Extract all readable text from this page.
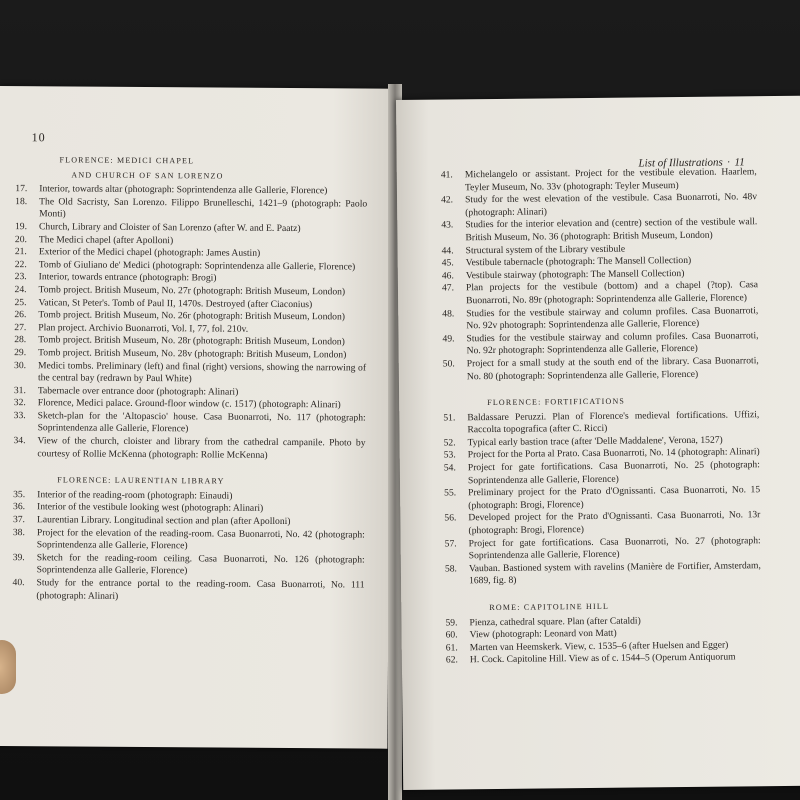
10
FLORENCE: MEDICI CHAPEL
AND CHURCH OF SAN LORENZO
17.	Interior, towards altar (photograph: Soprintendenza alle Gallerie, Florence)
18.	The Old Sacristy, San Lorenzo. Filippo Brunelleschi, 1421–9 (photograph: Paolo Monti)
19.	Church, Library and Cloister of San Lorenzo (after W. and E. Paatz)
20.	The Medici chapel (after Apolloni)
21.	Exterior of the Medici chapel (photograph: James Austin)
22.	Tomb of Giuliano de' Medici (photograph: Soprintendenza alle Gallerie, Florence)
23.	Interior, towards entrance (photograph: Brogi)
24.	Tomb project. British Museum, No. 27r (photograph: British Museum, London)
25.	Vatican, St Peter's. Tomb of Paul II, 1470s. Destroyed (after Ciaconius)
26.	Tomb project. British Museum, No. 26r (photograph: British Museum, London)
27.	Plan project. Archivio Buonarroti, Vol. I, 77, fol. 210v.
28.	Tomb project. British Museum, No. 28r (photograph: British Museum, London)
29.	Tomb project. British Museum, No. 28v (photograph: British Museum, London)
30.	Medici tombs. Preliminary (left) and final (right) versions, showing the narrowing of the central bay (redrawn by Paul White)
31.	Tabernacle over entrance door (photograph: Alinari)
32.	Florence, Medici palace. Ground-floor window (c. 1517) (photograph: Alinari)
33.	Sketch-plan for the 'Altopascio' house. Casa Buonarroti, No. 117 (photograph: Soprintendenza alle Gallerie, Florence)
34.	View of the church, cloister and library from the cathedral campanile. Photo by courtesy of Rollie McKenna (photograph: Rollie McKenna)
FLORENCE: LAURENTIAN LIBRARY
35.	Interior of the reading-room (photograph: Einaudi)
36.	Interior of the vestibule looking west (photograph: Alinari)
37.	Laurentian Library. Longitudinal section and plan (after Apolloni)
38.	Project for the elevation of the reading-room. Casa Buonarroti, No. 42 (photograph: Soprintendenza alle Gallerie, Florence)
39.	Sketch for the reading-room ceiling. Casa Buonarroti, No. 126 (photograph: Soprintendenza alle Gallerie, Florence)
40.	Study for the entrance portal to the reading-room. Casa Buonarroti, No. 111 (photograph: Alinari)
List of Illustrations · 11
41.	Michelangelo or assistant. Project for the vestibule elevation. Haarlem, Teyler Museum, No. 33v (photograph: Teyler Museum)
42.	Study for the west elevation of the vestibule. Casa Buonarroti, No. 48v (photograph: Alinari)
43.	Studies for the interior elevation and (centre) section of the vestibule wall. British Museum, No. 36 (photograph: British Museum, London)
44.	Structural system of the Library vestibule
45.	Vestibule tabernacle (photograph: The Mansell Collection)
46.	Vestibule stairway (photograph: The Mansell Collection)
47.	Plan projects for the vestibule (bottom) and a chapel (?top). Casa Buonarroti, No. 89r (photograph: Soprintendenza alle Gallerie, Florence)
48.	Studies for the vestibule stairway and column profiles. Casa Buonarroti, No. 92v photograph: Soprintendenza alle Gallerie, Florence)
49.	Studies for the vestibule stairway and column profiles. Casa Buonarroti, No. 92r photograph: Soprintendenza alle Gallerie, Florence)
50.	Project for a small study at the south end of the library. Casa Buonarroti, No. 80 (photograph: Soprintendenza alle Gallerie, Florence)
FLORENCE: FORTIFICATIONS
51.	Baldassare Peruzzi. Plan of Florence's medieval fortifications. Uffizi, Raccolta topografica (after C. Ricci)
52.	Typical early bastion trace (after 'Delle Maddalene', Verona, 1527)
53.	Project for the Porta al Prato. Casa Buonarroti, No. 14 (photograph: Alinari)
54.	Project for gate fortifications. Casa Buonarroti, No. 25 (photograph: Soprintendenza alle Gallerie, Florence)
55.	Preliminary project for the Prato d'Ognissanti. Casa Buonarroti, No. 15 (photograph: Brogi, Florence)
56.	Developed project for the Prato d'Ognissanti. Casa Buonarroti, No. 13r (photograph: Brogi, Florence)
57.	Project for gate fortifications. Casa Buonarroti, No. 27 (photograph: Soprintendenza alle Gallerie, Florence)
58.	Vauban. Bastioned system with ravelins (Manière de Fortifier, Amsterdam, 1689, fig. 8)
ROME: CAPITOLINE HILL
59.	Pienza, cathedral square. Plan (after Cataldi)
60.	View (photograph: Leonard von Matt)
61.	Marten van Heemskerk. View, c. 1535–6 (after Huelsen and Egger)
62.	H. Cock. Capitoline Hill. View as of c. 1544–5 (Operum Antiquorum
